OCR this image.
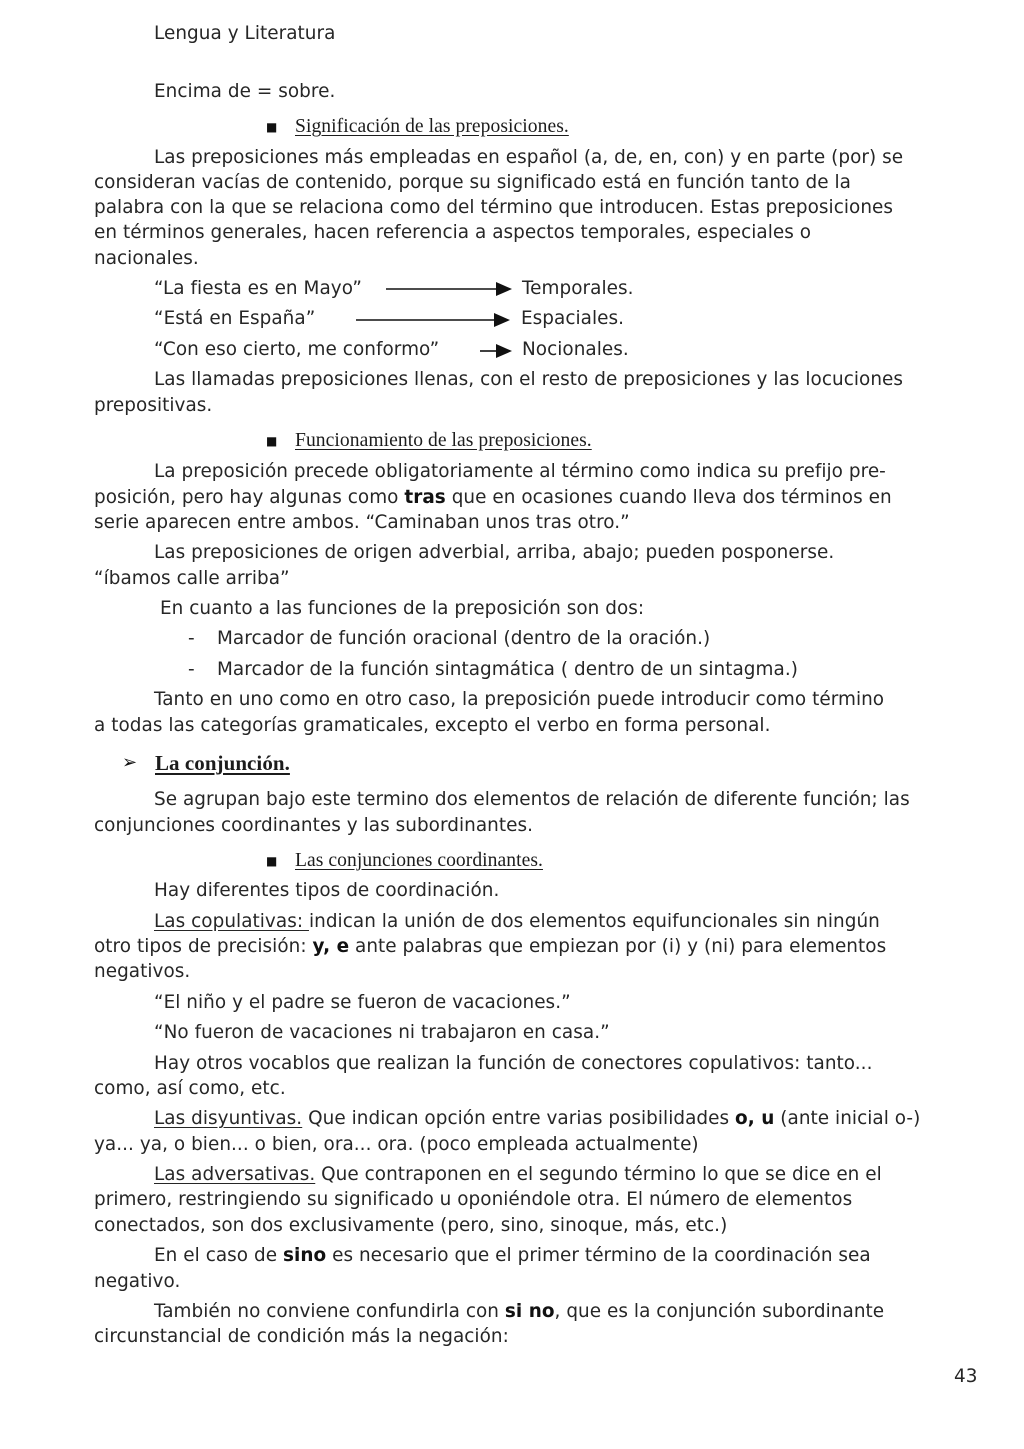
Lengua y Literatura
Encima de = sobre.
■ Significación de las preposiciones.
Las preposiciones más empleadas en español (a, de, en, con) y en parte (por) se
consideran vacías de contenido, porque su significado está en función tanto de la
palabra con la que se relaciona como del término que introducen. Estas preposiciones
en términos generales, hacen referencia a aspectos temporales, especiales o
nacionales.
“La fiesta es en Mayo”	Temporales.
“Está en España”	Espaciales.
“Con eso cierto, me conformo”	Nocionales.
Las llamadas preposiciones llenas, con el resto de preposiciones y las locuciones
prepositivas.
■ Funcionamiento de las preposiciones.
La preposición precede obligatoriamente al término como indica su prefijo pre-
posición, pero hay algunas como tras que en ocasiones cuando lleva dos términos en
serie aparecen entre ambos. “Caminaban unos tras otro.”
Las preposiciones de origen adverbial, arriba, abajo; pueden posponerse.
“íbamos calle arriba”
En cuanto a las funciones de la preposición son dos:
- Marcador de función oracional (dentro de la oración.)
- Marcador de la función sintagmática ( dentro de un sintagma.)
Tanto en uno como en otro caso, la preposición puede introducir como término
a todas las categorías gramaticales, excepto el verbo en forma personal.
➢ La conjunción.
Se agrupan bajo este termino dos elementos de relación de diferente función; las
conjunciones coordinantes y las subordinantes.
■ Las conjunciones coordinantes.
Hay diferentes tipos de coordinación.
Las copulativas: indican la unión de dos elementos equifuncionales sin ningún
otro tipos de precisión: y, e ante palabras que empiezan por (i) y (ni) para elementos
negativos.
“El niño y el padre se fueron de vacaciones.”
“No fueron de vacaciones ni trabajaron en casa.”
Hay otros vocablos que realizan la función de conectores copulativos: tanto...
como, así como, etc.
Las disyuntivas. Que indican opción entre varias posibilidades o, u (ante inicial o-)
ya... ya, o bien... o bien, ora... ora. (poco empleada actualmente)
Las adversativas. Que contraponen en el segundo término lo que se dice en el
primero, restringiendo su significado u oponiéndole otra. El número de elementos
conectados, son dos exclusivamente (pero, sino, sinoque, más, etc.)
En el caso de sino es necesario que el primer término de la coordinación sea
negativo.
También no conviene confundirla con si no, que es la conjunción subordinante
circunstancial de condición más la negación:
43
